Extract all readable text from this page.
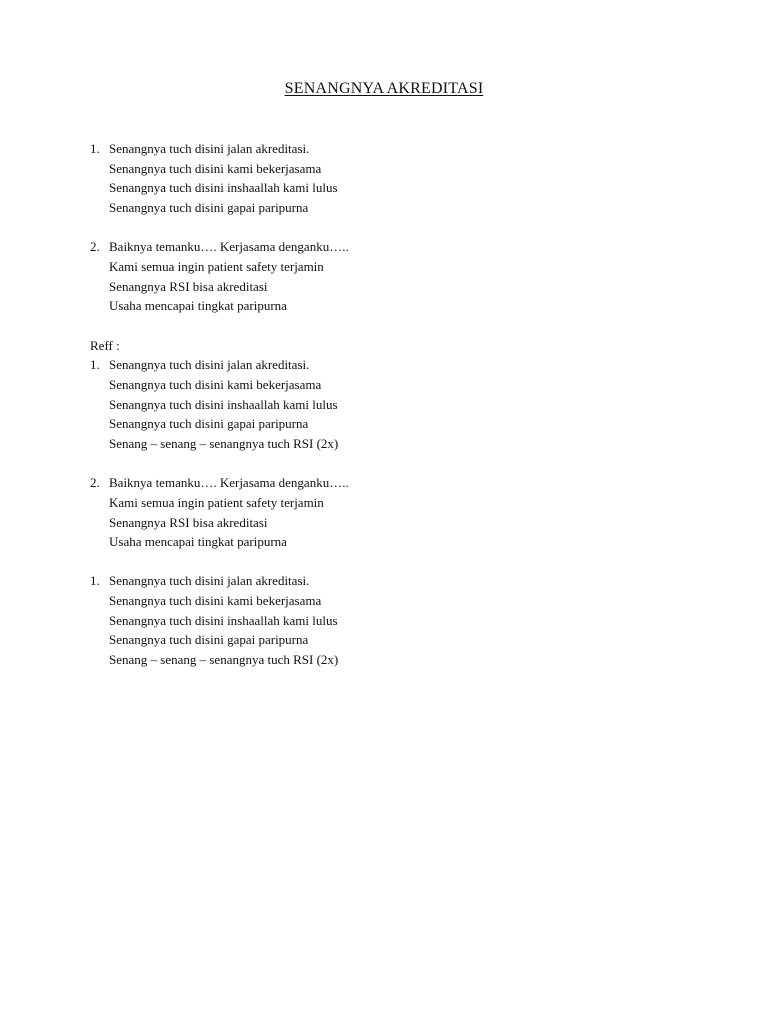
SENANGNYA AKREDITASI
1. Senangnya tuch disini jalan akreditasi.
Senangnya tuch disini kami bekerjasama
Senangnya tuch disini inshaallah kami lulus
Senangnya tuch disini gapai paripurna
2. Baiknya temanku…. Kerjasama denganku…..
Kami semua ingin patient safety terjamin
Senangnya RSI bisa akreditasi
Usaha mencapai tingkat paripurna
Reff :
1. Senangnya tuch disini jalan akreditasi.
Senangnya tuch disini kami bekerjasama
Senangnya tuch disini inshaallah kami lulus
Senangnya tuch disini gapai paripurna
Senang – senang – senangnya tuch RSI (2x)
2. Baiknya temanku…. Kerjasama denganku…..
Kami semua ingin patient safety terjamin
Senangnya RSI bisa akreditasi
Usaha mencapai tingkat paripurna
1. Senangnya tuch disini jalan akreditasi.
Senangnya tuch disini kami bekerjasama
Senangnya tuch disini inshaallah kami lulus
Senangnya tuch disini gapai paripurna
Senang – senang – senangnya tuch RSI (2x)
